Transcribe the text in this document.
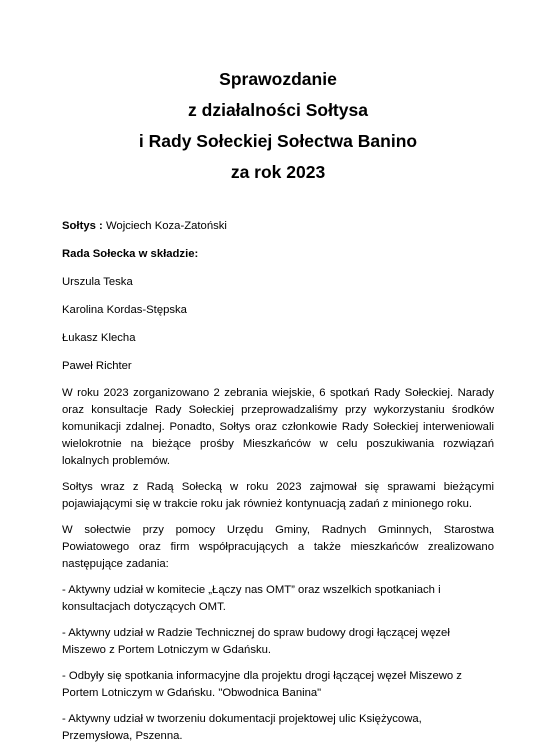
Sprawozdanie

z działalności Sołtysa

i Rady Sołeckiej Sołectwa Banino

za rok 2023

Sołtys : Wojciech Koza-Zatoński

Rada Sołecka w składzie:

Urszula Teska

Karolina Kordas-Stępska

Łukasz Klecha

Paweł Richter

W roku 2023 zorganizowano 2 zebrania wiejskie, 6 spotkań Rady Sołeckiej. Narady oraz konsultacje Rady Sołeckiej przeprowadzaliśmy przy wykorzystaniu środków komunikacji zdalnej. Ponadto, Sołtys oraz członkowie Rady Sołeckiej interweniowali wielokrotnie na bieżące prośby Mieszkańców w celu poszukiwania rozwiązań lokalnych problemów.

Sołtys wraz z Radą Sołecką w roku 2023 zajmował się sprawami bieżącymi pojawiającymi się w trakcie roku jak również kontynuacją zadań z minionego roku.

W sołectwie przy pomocy Urzędu Gminy, Radnych Gminnych, Starostwa Powiatowego oraz firm współpracujących a także mieszkańców zrealizowano następujące zadania:

- Aktywny udział w komitecie „Łączy nas OMT” oraz wszelkich spotkaniach i konsultacjach dotyczących OMT.

- Aktywny udział w Radzie Technicznej do spraw budowy drogi łączącej węzeł Miszewo z Portem Lotniczym w Gdańsku.

- Odbyły się spotkania informacyjne dla projektu drogi łączącej węzeł Miszewo z Portem Lotniczym w Gdańsku. "Obwodnica Banina"

- Aktywny udział w tworzeniu dokumentacji projektowej ulic Księżycowa, Przemysłowa, Pszenna.
